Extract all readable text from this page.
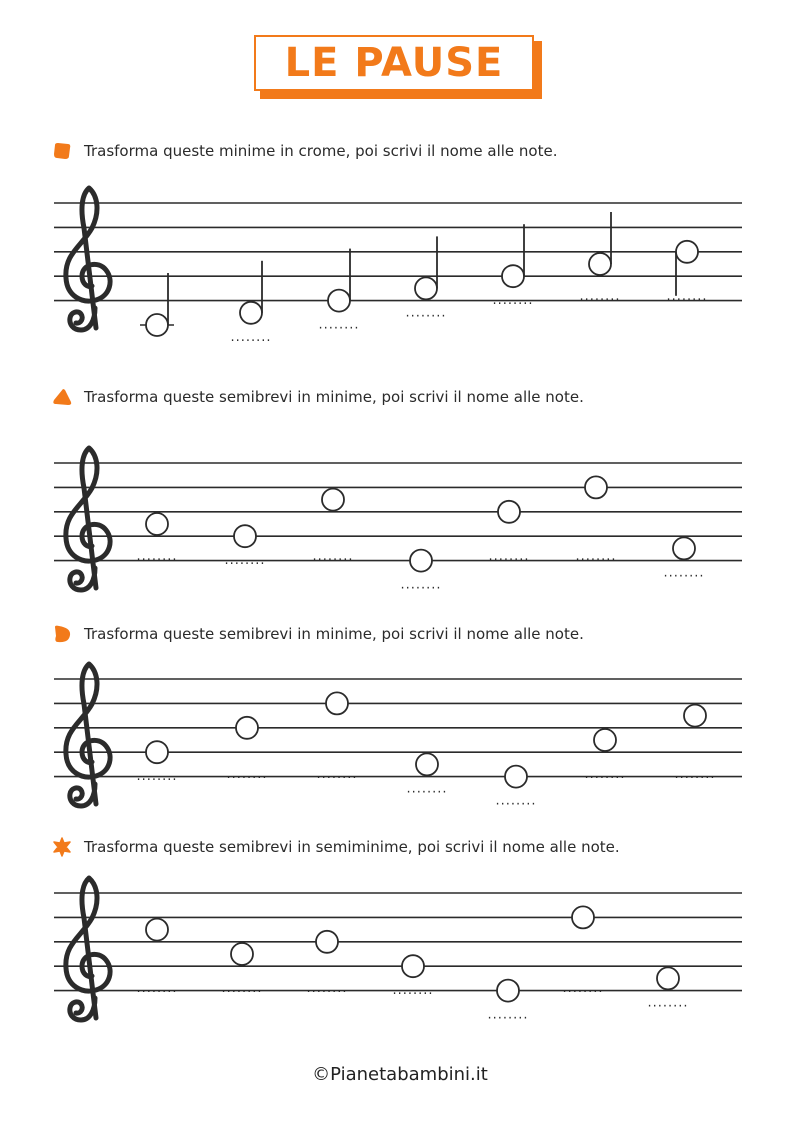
LE PAUSE
Trasforma queste minime in crome, poi scrivi il nome alle note.
........
........
........
........	........	........
Trasforma queste semibrevi in minime, poi scrivi il nome alle note.
........	........	........
........
........	........
........
Trasforma queste semibrevi in minime, poi scrivi il nome alle note.
........	........	........
........
........
........	........
Trasforma queste semibrevi in semiminime, poi scrivi il nome alle note.
........	........	........	........
........
........
........
©Pianetabambini.it
